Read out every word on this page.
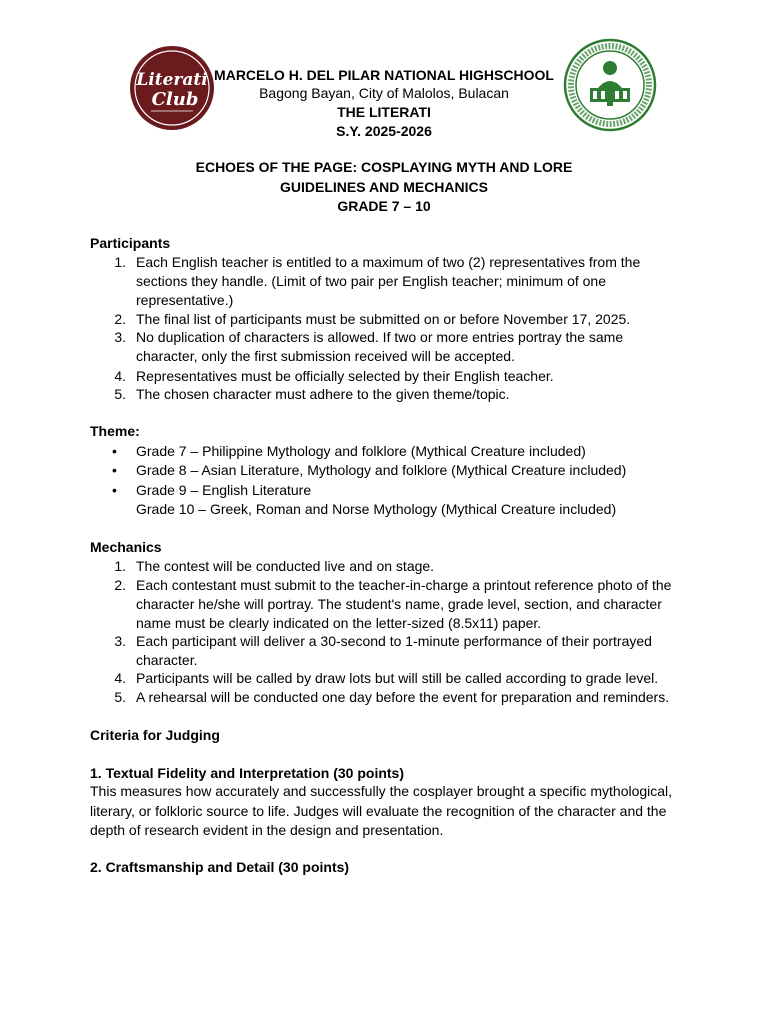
Literati
Club
MARCELO H. DEL PILAR NATIONAL HIGHSCHOOL
Bagong Bayan, City of Malolos, Bulacan
THE LITERATI
S.Y. 2025-2026
ECHOES OF THE PAGE: COSPLAYING MYTH AND LORE
GUIDELINES AND MECHANICS
GRADE 7 – 10
Participants
1. Each English teacher is entitled to a maximum of two (2) representatives from the
sections they handle. (Limit of two pair per English teacher; minimum of one
representative.)
2. The final list of participants must be submitted on or before November 17, 2025.
3. No duplication of characters is allowed. If two or more entries portray the same
character, only the first submission received will be accepted.
4. Representatives must be officially selected by their English teacher.
5. The chosen character must adhere to the given theme/topic.
Theme:
• Grade 7 – Philippine Mythology and folklore (Mythical Creature included)
• Grade 8 – Asian Literature, Mythology and folklore (Mythical Creature included)
• Grade 9 – English Literature
Grade 10 – Greek, Roman and Norse Mythology (Mythical Creature included)
Mechanics
1. The contest will be conducted live and on stage.
2. Each contestant must submit to the teacher-in-charge a printout reference photo of the
character he/she will portray. The student's name, grade level, section, and character
name must be clearly indicated on the letter-sized (8.5x11) paper.
3. Each participant will deliver a 30-second to 1-minute performance of their portrayed
character.
4. Participants will be called by draw lots but will still be called according to grade level.
5. A rehearsal will be conducted one day before the event for preparation and reminders.
Criteria for Judging
1. Textual Fidelity and Interpretation (30 points)
This measures how accurately and successfully the cosplayer brought a specific mythological,
literary, or folkloric source to life. Judges will evaluate the recognition of the character and the
depth of research evident in the design and presentation.
2. Craftsmanship and Detail (30 points)
